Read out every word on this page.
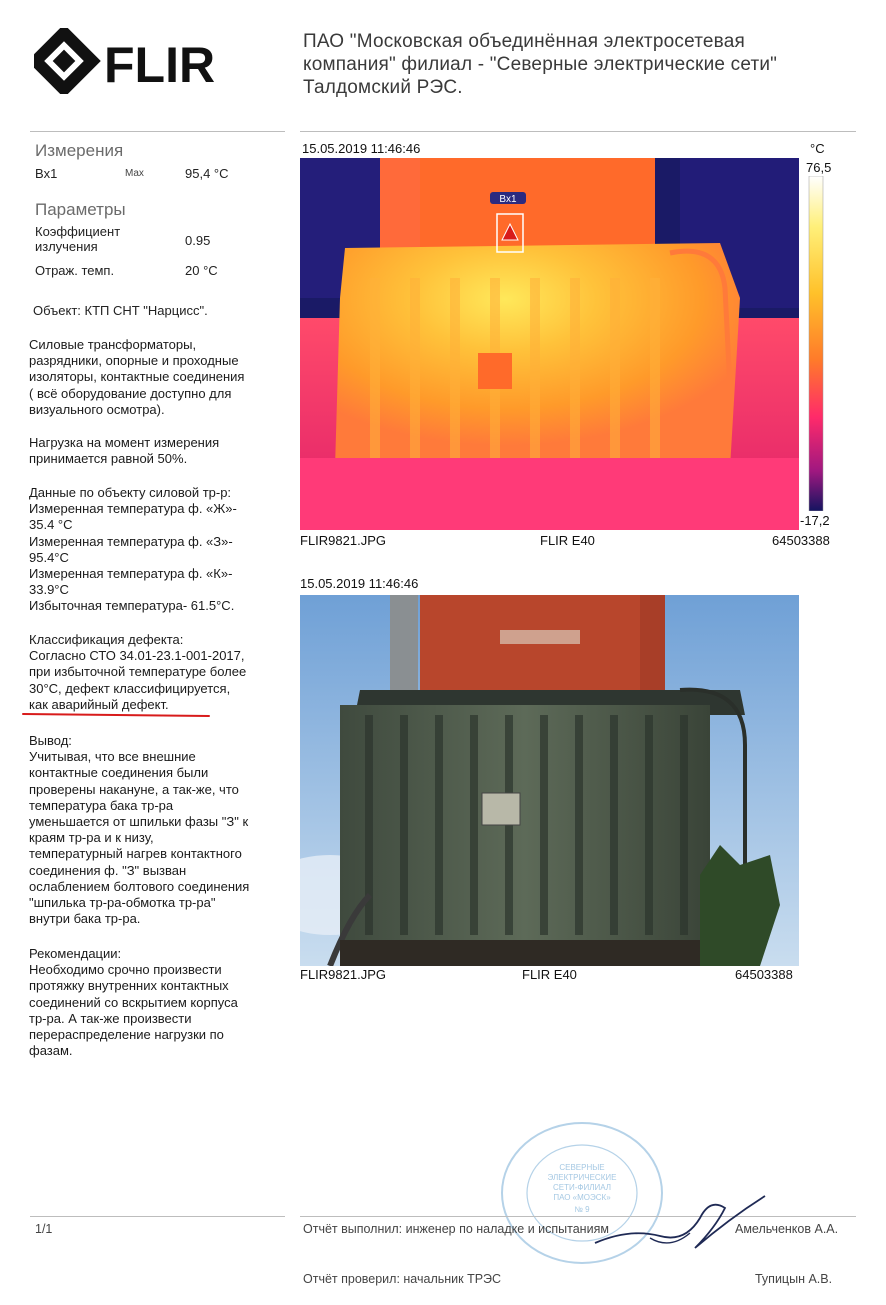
FLIR	ПАО "Московская объединённая электросетевая
компания" филиал - "Северные электрические сети"
Талдомский РЭС.
Измерения
Bx1	Max	95,4 °C
Параметры
Коэффициент
излучения	0.95
Отраж. темп.	20 °C
Объект: КТП СНТ "Нарцисс".
Силовые трансформаторы,
разрядники, опорные и проходные
изоляторы, контактные соединения
( всё оборудование доступно для
визуального осмотра).
Нагрузка на момент измерения
принимается равной 50%.
Данные по объекту силовой тр-р:
Измеренная температура ф. «Ж»-
35.4 °C
Измеренная температура ф. «З»-
95.4°C
Измеренная температура ф. «К»-
33.9°C
Избыточная температура- 61.5°C.
Классификация дефекта:
Согласно СТО 34.01-23.1-001-2017,
при избыточной температуре более
30°C, дефект классифицируется,
как аварийный дефект.
Вывод:
Учитывая, что все внешние
контактные соединения были
проверены накануне, а так-же, что
температура бака тр-ра
уменьшается от шпильки фазы "З" к
краям тр-ра и к низу,
температурный нагрев контактного
соединения ф. "З" вызван
ослаблением болтового соединения
"шпилька тр-ра-обмотка тр-ра"
внутри бака тр-ра.
Рекомендации:
Необходимо срочно произвести
протяжку внутренних контактных
соединений со вскрытием корпуса
тр-ра. А так-же произвести
перераспределение нагрузки по
фазам.
15.05.2019 11:46:46	°C
76,5
-17,2
Bx1
FLIR9821.JPG	FLIR E40	64503388
15.05.2019 11:46:46
FLIR9821.JPG	FLIR E40	64503388
СЕВЕРНЫЕ
ЭЛЕКТРИЧЕСКИЕ
СЕТИ-ФИЛИАЛ
ПАО «МОЭСК»
№ 9
1/1	Отчёт выполнил: инженер по наладке и испытаниям	Амельченков А.А.
Отчёт проверил: начальник ТРЭС	Тупицын А.В.
